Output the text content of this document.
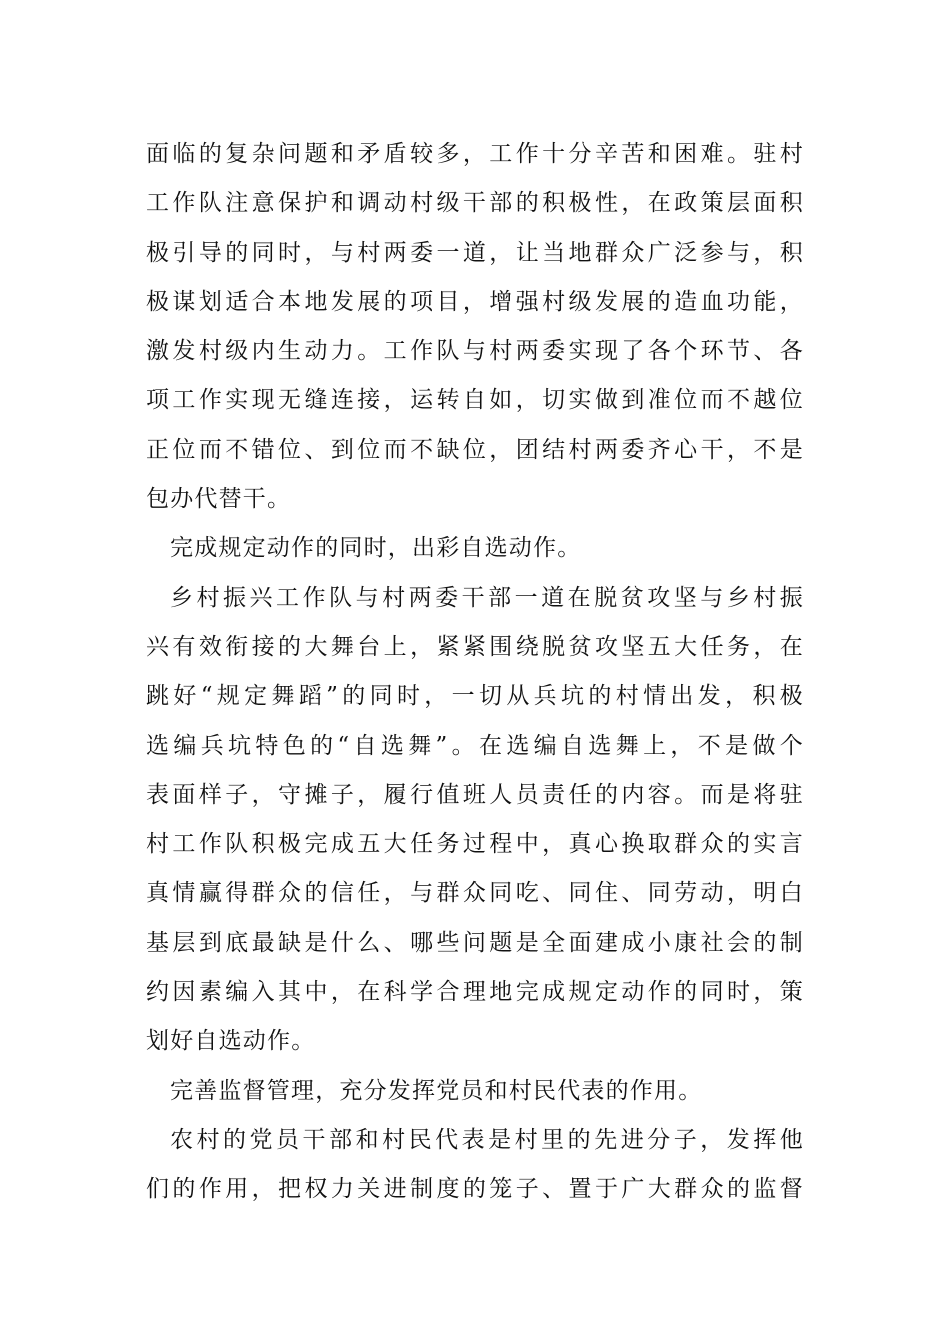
面临的复杂问题和矛盾较多，工作十分辛苦和困难。驻村
工作队注意保护和调动村级干部的积极性，在政策层面积
极引导的同时，与村两委一道，让当地群众广泛参与，积
极谋划适合本地发展的项目，增强村级发展的造血功能，
激发村级内生动力。工作队与村两委实现了各个环节、各
项工作实现无缝连接，运转自如，切实做到准位而不越位
正位而不错位、到位而不缺位，团结村两委齐心干，不是
包办代替干。
完成规定动作的同时，出彩自选动作。
乡村振兴工作队与村两委干部一道在脱贫攻坚与乡村振
兴有效衔接的大舞台上，紧紧围绕脱贫攻坚五大任务，在
跳好“规定舞蹈”的同时，一切从兵坑的村情出发，积极
选编兵坑特色的“自选舞”。在选编自选舞上，不是做个
表面样子，守摊子，履行值班人员责任的内容。而是将驻
村工作队积极完成五大任务过程中，真心换取群众的实言
真情赢得群众的信任，与群众同吃、同住、同劳动，明白
基层到底最缺是什么、哪些问题是全面建成小康社会的制
约因素编入其中，在科学合理地完成规定动作的同时，策
划好自选动作。
完善监督管理，充分发挥党员和村民代表的作用。
农村的党员干部和村民代表是村里的先进分子，发挥他
们的作用，把权力关进制度的笼子、置于广大群众的监督
